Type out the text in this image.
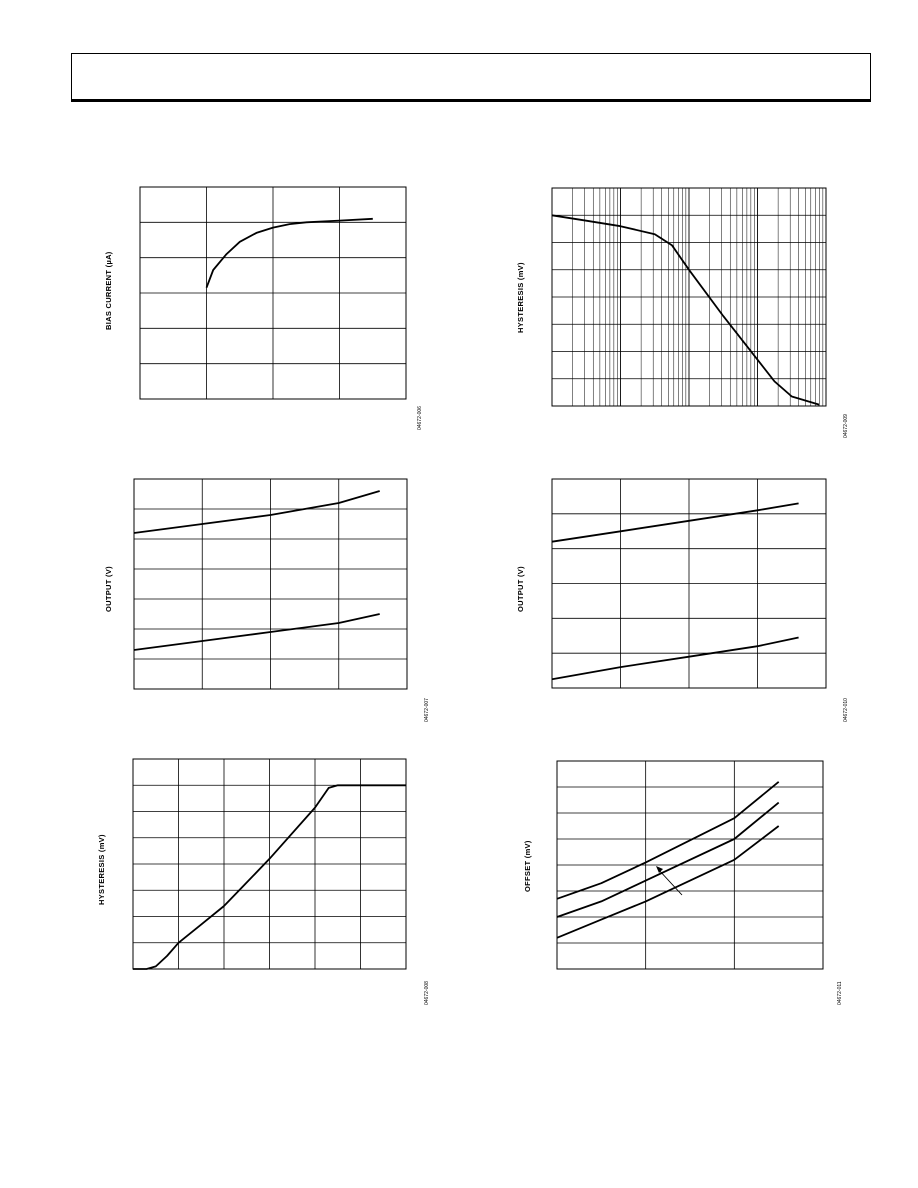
BIAS CURRENT (µA)
04672-006
HYSTERESIS (mV)
04672-009
OUTPUT (V)
04672-007
OUTPUT (V)
04672-010
HYSTERESIS (mV)
04672-008
OFFSET (mV)
04672-011
